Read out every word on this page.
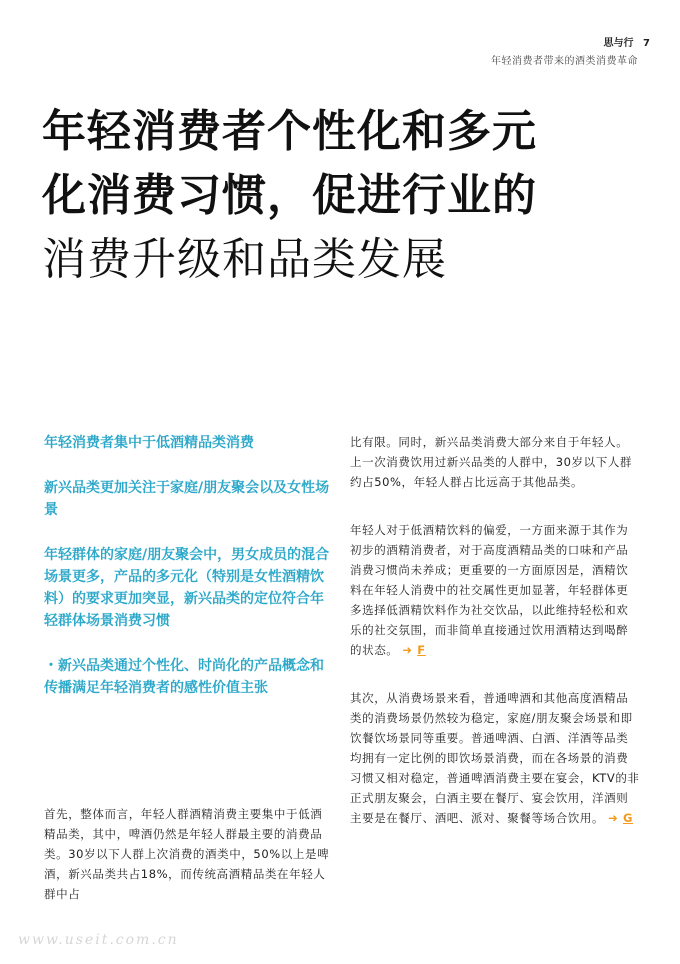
思与行 7
年轻消费者带来的酒类消费革命
年轻消费者个性化和多元
化消费习惯，促进行业的
消费升级和品类发展

年轻消费者集中于低酒精品类消费

新兴品类更加关注于家庭/朋友聚会以及女性场景

年轻群体的家庭/朋友聚会中，男女成员的混合场景更多，产品的多元化（特别是女性酒精饮料）的要求更加突显，新兴品类的定位符合年轻群体场景消费习惯

・新兴品类通过个性化、时尚化的产品概念和传播满足年轻消费者的感性价值主张

首先，整体而言，年轻人群酒精消费主要集中于低酒精品类，其中，啤酒仍然是年轻人群最主要的消费品类。30岁以下人群上次消费的酒类中，50%以上是啤酒，新兴品类共占18%，而传统高酒精品类在年轻人群中占

比有限。同时，新兴品类消费大部分来自于年轻人。上一次消费饮用过新兴品类的人群中，30岁以下人群约占50%，年轻人群占比远高于其他品类。

年轻人对于低酒精饮料的偏爱，一方面来源于其作为初步的酒精消费者，对于高度酒精品类的口味和产品消费习惯尚未养成；更重要的一方面原因是，酒精饮料在年轻人消费中的社交属性更加显著，年轻群体更多选择低酒精饮料作为社交饮品，以此维持轻松和欢乐的社交氛围，而非简单直接通过饮用酒精达到喝醉的状态。 ➜ F

其次，从消费场景来看，普通啤酒和其他高度酒精品类的消费场景仍然较为稳定，家庭/朋友聚会场景和即饮餐饮场景同等重要。普通啤酒、白酒、洋酒等品类均拥有一定比例的即饮场景消费，而在各场景的消费习惯又相对稳定，普通啤酒消费主要在宴会，KTV的非正式朋友聚会，白酒主要在餐厅、宴会饮用，洋酒则主要是在餐厅、酒吧、派对、聚餐等场合饮用。 ➜ G

www.useit.com.cn
